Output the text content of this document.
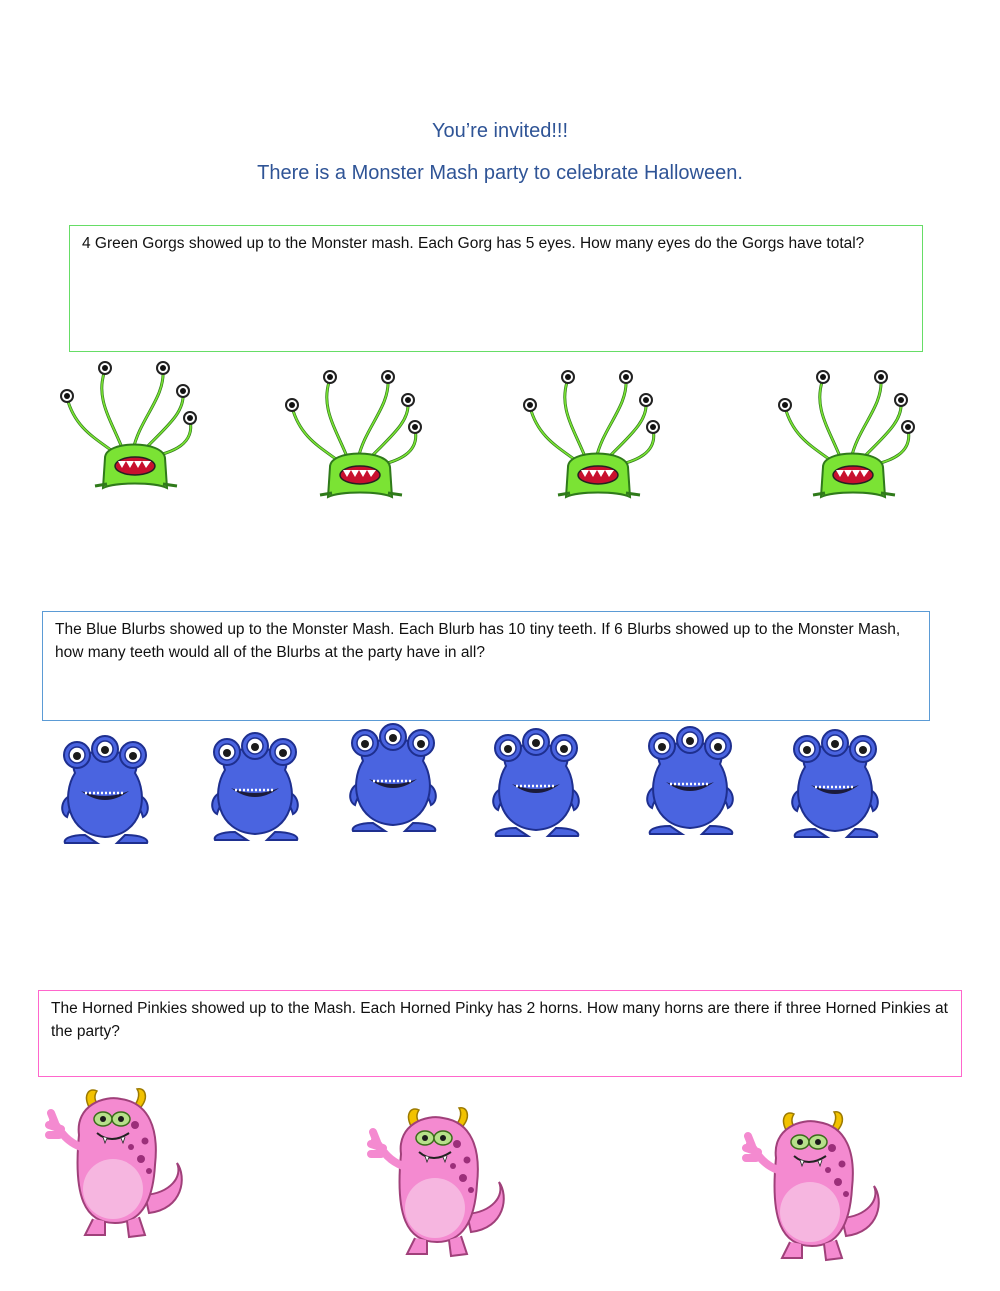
You’re invited!!!
There is a Monster Mash party to celebrate Halloween.
4 Green Gorgs showed up to the Monster mash. Each Gorg has 5 eyes. How many eyes do the Gorgs have total?
The Blue Blurbs showed up to the Monster Mash. Each Blurb has 10 tiny teeth. If 6 Blurbs showed up to the Monster Mash, how many teeth would all of the Blurbs at the party have in all?
The Horned Pinkies showed up to the Mash. Each Horned Pinky has 2 horns. How many horns are there if three Horned Pinkies at the party?
